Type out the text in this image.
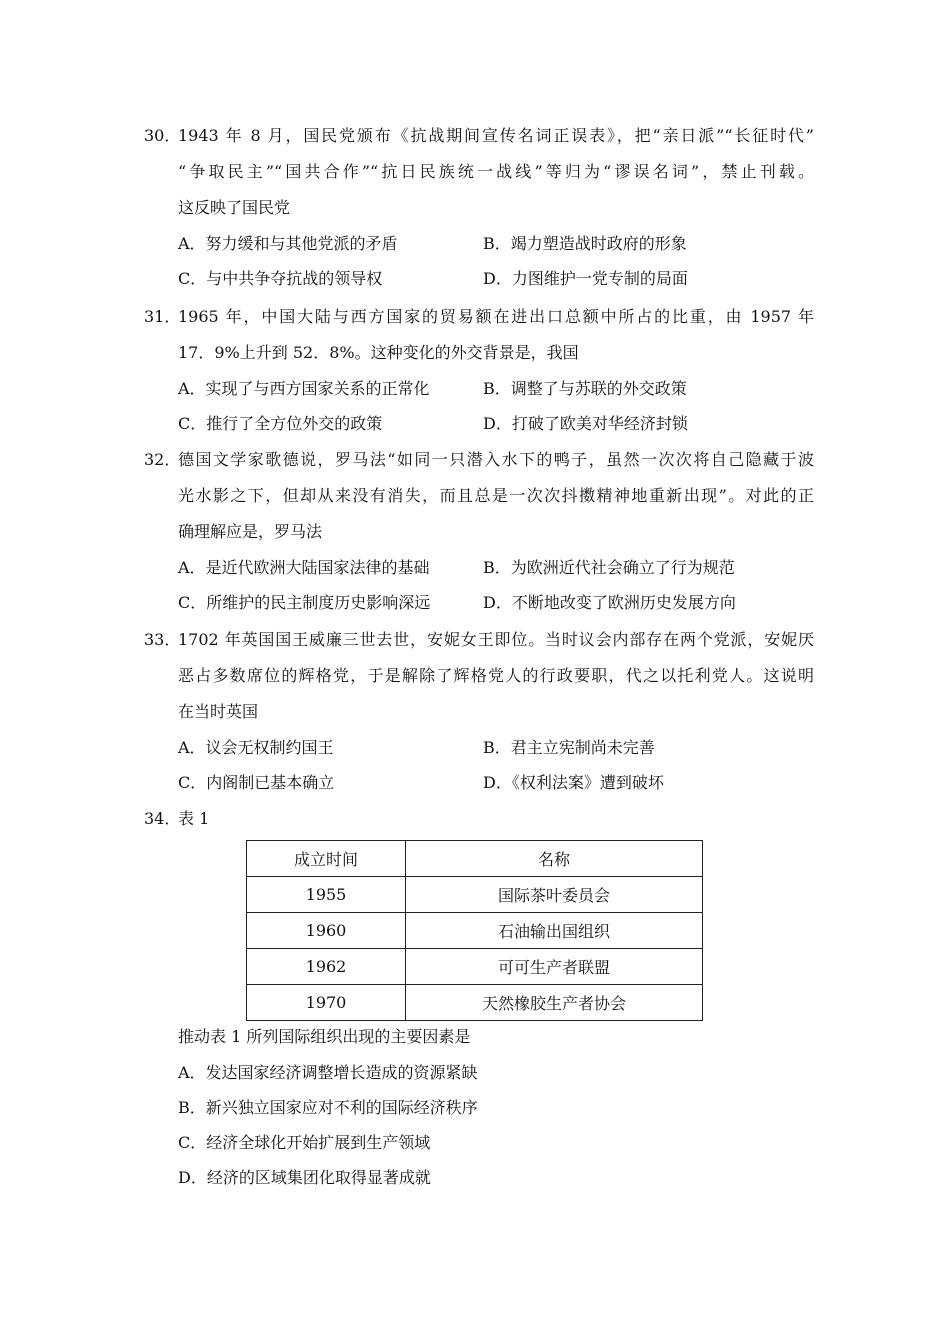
30．
1943 年 8 月，国民党颁布《抗战期间宣传名词正误表》，把“亲日派”“长征时代”
“争取民主”“国共合作”“抗日民族统一战线”等归为“谬误名词”，禁止刊载。
这反映了国民党
A．努力缓和与其他党派的矛盾	B．竭力塑造战时政府的形象
C．与中共争夺抗战的领导权	D．力图维护一党专制的局面
31．
1965 年，中国大陆与西方国家的贸易额在进出口总额中所占的比重，由 1957 年
17．9%上升到 52．8%。这种变化的外交背景是，我国
A．实现了与西方国家关系的正常化	B．调整了与苏联的外交政策
C．推行了全方位外交的政策	D．打破了欧美对华经济封锁
32．
德国文学家歌德说，罗马法“如同一只潜入水下的鸭子，虽然一次次将自己隐藏于波
光水影之下，但却从来没有消失，而且总是一次次抖擞精神地重新出现”。对此的正
确理解应是，罗马法
A．是近代欧洲大陆国家法律的基础	B．为欧洲近代社会确立了行为规范
C．所维护的民主制度历史影响深远	D．不断地改变了欧洲历史发展方向
33．
1702 年英国国王威廉三世去世，安妮女王即位。当时议会内部存在两个党派，安妮厌
恶占多数席位的辉格党，于是解除了辉格党人的行政要职，代之以托利党人。这说明
在当时英国
A．议会无权制约国王	B．君主立宪制尚未完善
C．内阁制已基本确立	D．《权利法案》遭到破坏
34．
表 1
成立时间	名称
1955	国际茶叶委员会
1960	石油输出国组织
1962	可可生产者联盟
1970	天然橡胶生产者协会
推动表 1 所列国际组织出现的主要因素是
A．发达国家经济调整增长造成的资源紧缺
B．新兴独立国家应对不利的国际经济秩序
C．经济全球化开始扩展到生产领域
D．经济的区域集团化取得显著成就
